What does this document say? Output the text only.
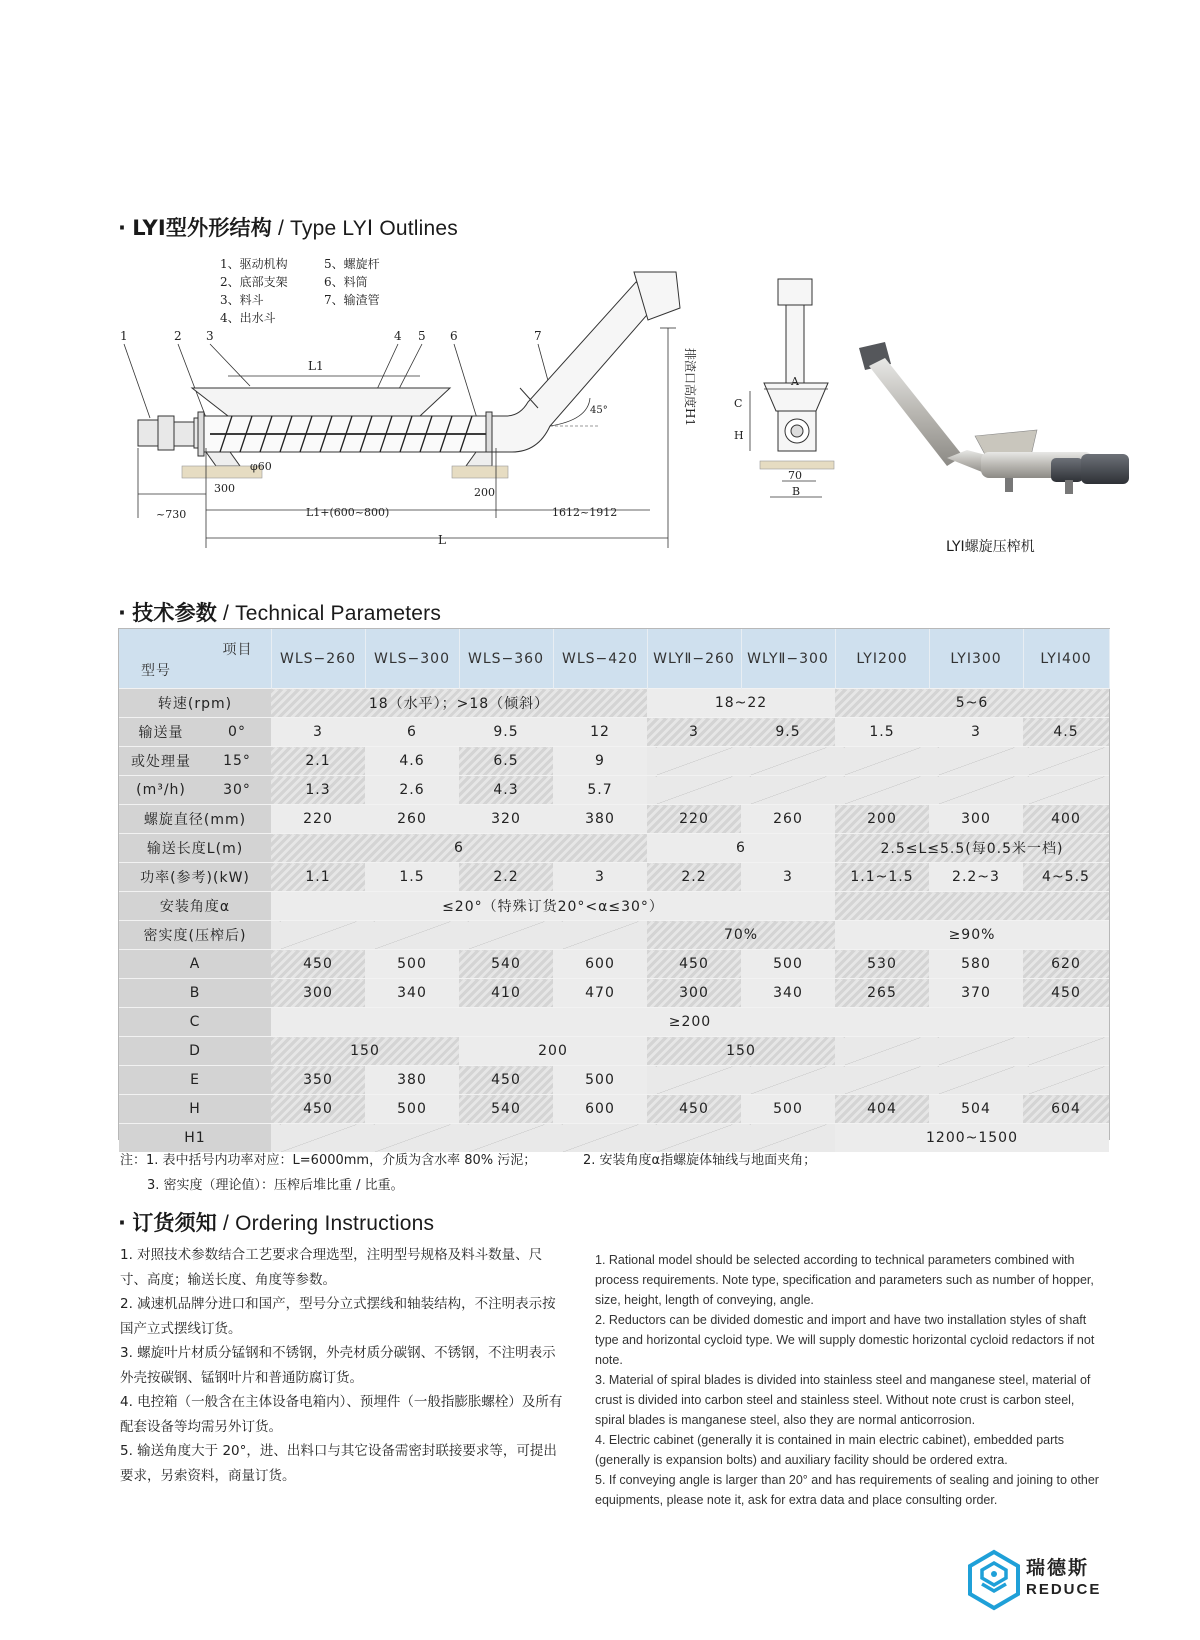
· LYⅠ型外形结构 / Type LYⅠ Outlines
1、驱动机构
2、底部支架
3、料斗
4、出水斗
5、螺旋杆
6、料筒
7、输渣管
1	2 3	4 5 6	7
45°	排渣口高度H1
L1
φ60
300	200
~730	L1+(600~800)	1612~1912
L
A
C
H
70
B
LYⅠ螺旋压榨机
· 技术参数 / Technical Parameters
项目
型号		WLS−260	WLS−300	WLS−360	WLS−420	WLYⅡ−260	WLYⅡ−300	LYⅠ200	LYⅠ300	LYⅠ400
转速(rpm)		18（水平）；>18（倾斜）				18~22		5~6		
输送量	0°	3	6	9.5	12	3	9.5	1.5	3	4.5
或处理量	15°	2.1	4.6	6.5	9					
(m³/h)	30°	1.3	2.6	4.3	5.7					
螺旋直径(mm)		220	260	320	380	220	260	200	300	400
输送长度L(m)		6				6		2.5≤L≤5.5(每0.5米一档)		
功率(参考)(kW)		1.1	1.5	2.2	3	2.2	3	1.1~1.5	2.2~3	4~5.5
安装角度α		≤20°（特殊订货20°<α≤30°）								
密实度(压榨后)						70%		≥90%		
A		450	500	540	600	450	500	530	580	620
B		300	340	410	470	300	340	265	370	450
C		≥200								
D		150		200		150				
E		350	380	450	500					
H		450	500	540	600	450	500	404	504	604
H1								1200~1500		
注：1. 表中括号内功率对应：L=6000mm，介质为含水率 80% 污泥；	2. 安装角度α指螺旋体轴线与地面夹角；
3. 密实度（理论值）：压榨后堆比重 / 比重。
· 订货须知 / Ordering Instructions

1. 对照技术参数结合工艺要求合理选型，注明型号规格及料斗数量、尺寸、高度；输送长度、角度等参数。

2. 减速机品牌分进口和国产，型号分立式摆线和轴装结构，不注明表示按国产立式摆线订货。

3. 螺旋叶片材质分锰钢和不锈钢，外壳材质分碳钢、不锈钢，不注明表示外壳按碳钢、锰钢叶片和普通防腐订货。

4. 电控箱（一般含在主体设备电箱内）、预埋件（一般指膨胀螺栓）及所有配套设备等均需另外订货。

5. 输送角度大于 20°，进、出料口与其它设备需密封联接要求等，可提出要求，另索资料，商量订货。

1. Rational model should be selected according to technical parameters combined with process requirements. Note type, specification and parameters such as number of hopper, size, height, length of conveying, angle.

2. Reductors can be divided domestic and import and have two installation styles of shaft type and horizontal cycloid type. We will supply domestic horizontal cycloid redactors if not note.

3. Material of spiral blades is divided into stainless steel and manganese steel, material of crust is divided into carbon steel and stainless steel. Without note crust is carbon steel, spiral blades is manganese steel, also they are normal anticorrosion.

4. Electric cabinet (generally it is contained in main electric cabinet), embedded parts (generally is expansion bolts) and auxiliary facility should be ordered extra.

5. If conveying angle is larger than 20° and has requirements of sealing and joining to other equipments, please note it, ask for extra data and place consulting order.

瑞德斯
REDUCE
